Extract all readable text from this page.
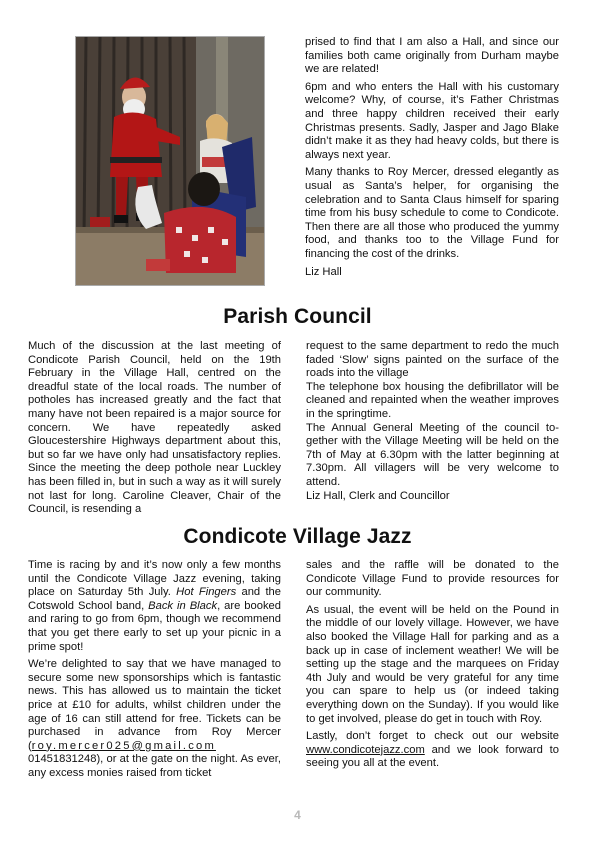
prised to find that I am also a Hall, and since our families both came originally from Durham maybe we are related!

6pm and who enters the Hall with his customary welcome? Why, of course, it’s Father Christmas and three happy children received their early Christmas presents. Sadly, Jasper and Jago Blake didn’t make it as they had heavy colds, but there is always next year.

Many thanks to Roy Mercer, dressed elegantly as usual as Santa’s helper, for organising the celebration and to Santa Claus himself for sparing time from his busy schedule to come to Condicote. Then there are all those who produced the yummy food, and thanks too to the Village Fund for financing the cost of the drinks.

Liz Hall

Parish Council

Much of the discussion at the last meeting of Condicote Parish Council, held on the 19th February in the Village Hall, centred on the dreadful state of the local roads. The number of potholes has increased greatly and the fact that many have not been repaired is a major source for concern. We have repeatedly asked Gloucestershire Highways department about this, but so far we have only had unsatisfactory replies. Since the meeting the deep pothole near Luckley has been filled in, but in such a way as it will surely not last for long. Caroline Cleaver, Chair of the Council, is resending a

request to the same department to redo the much faded ‘Slow’ signs painted on the surface of the roads into the village

The telephone box housing the defibrillator will be cleaned and repainted when the weather improves in the springtime.

The Annual General Meeting of the council together with the Village Meeting will be held on the 7th of May at 6.30pm with the latter beginning at 7.30pm. All villagers will be very welcome to attend.

Liz Hall, Clerk and Councillor

Condicote Village Jazz

Time is racing by and it’s now only a few months until the Condicote Village Jazz evening, taking place on Saturday 5th July. Hot Fingers and the Cotswold School band, Back in Black, are booked and raring to go from 6pm, though we recommend that you get there early to set up your picnic in a prime spot!

We’re delighted to say that we have managed to secure some new sponsorships which is fantastic news. This has allowed us to maintain the ticket price at £10 for adults, whilst children under the age of 16 can still attend for free. Tickets can be purchased in advance from Roy Mercer (roy.mercer025@gmail.com 01451831248), or at the gate on the night. As ever, any excess monies raised from ticket

sales and the raffle will be donated to the Condicote Village Fund to provide resources for our community.

As usual, the event will be held on the Pound in the middle of our lovely village. However, we have also booked the Village Hall for parking and as a back up in case of inclement weather! We will be setting up the stage and the marquees on Friday 4th July and would be very grateful for any time you can spare to help us (or indeed taking everything down on the Sunday). If you would like to get involved, please do get in touch with Roy.

Lastly, don’t forget to check out our website www.condicotejazz.com and we look forward to seeing you all at the event.

4
